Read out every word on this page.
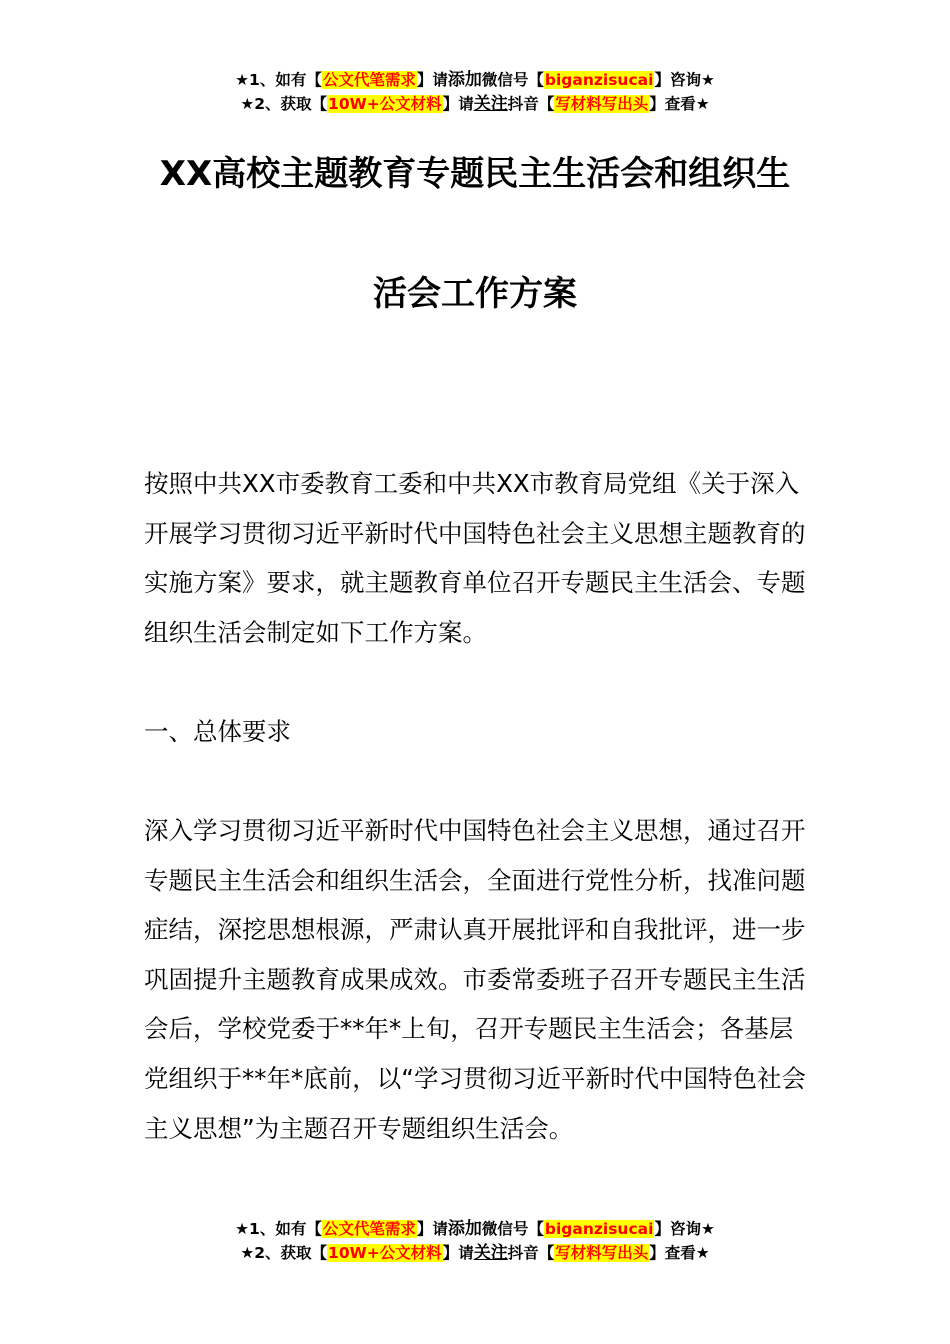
★1、如有【公文代笔需求】请添加微信号【biganzisucai】咨询★
★2、获取【10W+公文材料】请关注抖音【写材料写出头】查看★
XX高校主题教育专题民主生活会和组织生
活会工作方案

按照中共XX市委教育工委和中共XX市教育局党组《关于深入开展学习贯彻习近平新时代中国特色社会主义思想主题教育的实施方案》要求，就主题教育单位召开专题民主生活会、专题组织生活会制定如下工作方案。

一、总体要求

深入学习贯彻习近平新时代中国特色社会主义思想，通过召开专题民主生活会和组织生活会，全面进行党性分析，找准问题症结，深挖思想根源，严肃认真开展批评和自我批评，进一步巩固提升主题教育成果成效。市委常委班子召开专题民主生活会后，学校党委于**年*上旬，召开专题民主生活会；各基层党组织于**年*底前，以“学习贯彻习近平新时代中国特色社会主义思想”为主题召开专题组织生活会。

★1、如有【公文代笔需求】请添加微信号【biganzisucai】咨询★
★2、获取【10W+公文材料】请关注抖音【写材料写出头】查看★
